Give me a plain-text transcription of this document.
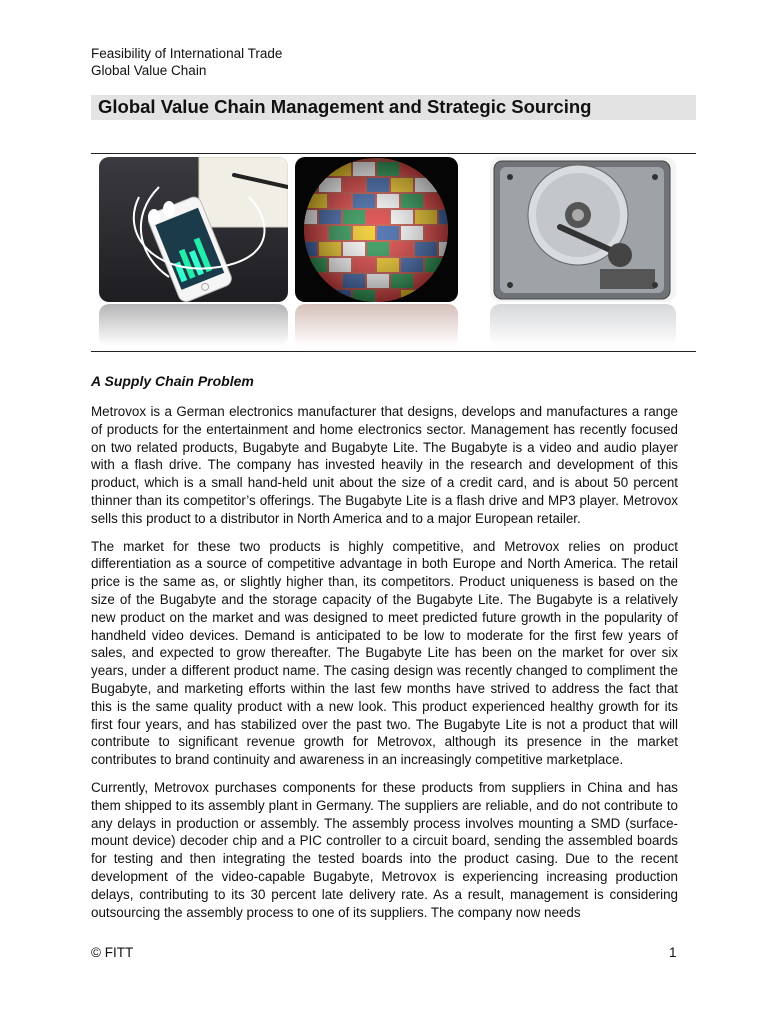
Feasibility of International Trade
Global Value Chain
Global Value Chain Management and Strategic Sourcing
A Supply Chain Problem

Metrovox is a German electronics manufacturer that designs, develops and manufactures a range of products for the entertainment and home electronics sector. Management has recently focused on two related products, Bugabyte and Bugabyte Lite. The Bugabyte is a video and audio player with a flash drive. The company has invested heavily in the research and development of this product, which is a small hand-held unit about the size of a credit card, and is about 50 percent thinner than its competitor’s offerings. The Bugabyte Lite is a flash drive and MP3 player. Metrovox sells this product to a distributor in North America and to a major European retailer.

The market for these two products is highly competitive, and Metrovox relies on product differentiation as a source of competitive advantage in both Europe and North America. The retail price is the same as, or slightly higher than, its competitors. Product uniqueness is based on the size of the Bugabyte and the storage capacity of the Bugabyte Lite. The Bugabyte is a relatively new product on the market and was designed to meet predicted future growth in the popularity of handheld video devices. Demand is anticipated to be low to moderate for the first few years of sales, and expected to grow thereafter. The Bugabyte Lite has been on the market for over six years, under a different product name. The casing design was recently changed to compliment the Bugabyte, and marketing efforts within the last few months have strived to address the fact that this is the same quality product with a new look. This product experienced healthy growth for its first four years, and has stabilized over the past two. The Bugabyte Lite is not a product that will contribute to significant revenue growth for Metrovox, although its presence in the market contributes to brand continuity and awareness in an increasingly competitive marketplace.

Currently, Metrovox purchases components for these products from suppliers in China and has them shipped to its assembly plant in Germany. The suppliers are reliable, and do not contribute to any delays in production or assembly. The assembly process involves mounting a SMD (surface-mount device) decoder chip and a PIC controller to a circuit board, sending the assembled boards for testing and then integrating the tested boards into the product casing. Due to the recent development of the video-capable Bugabyte, Metrovox is experiencing increasing production delays, contributing to its 30 percent late delivery rate. As a result, management is considering outsourcing the assembly process to one of its suppliers. The company now needs

© FITT	1
